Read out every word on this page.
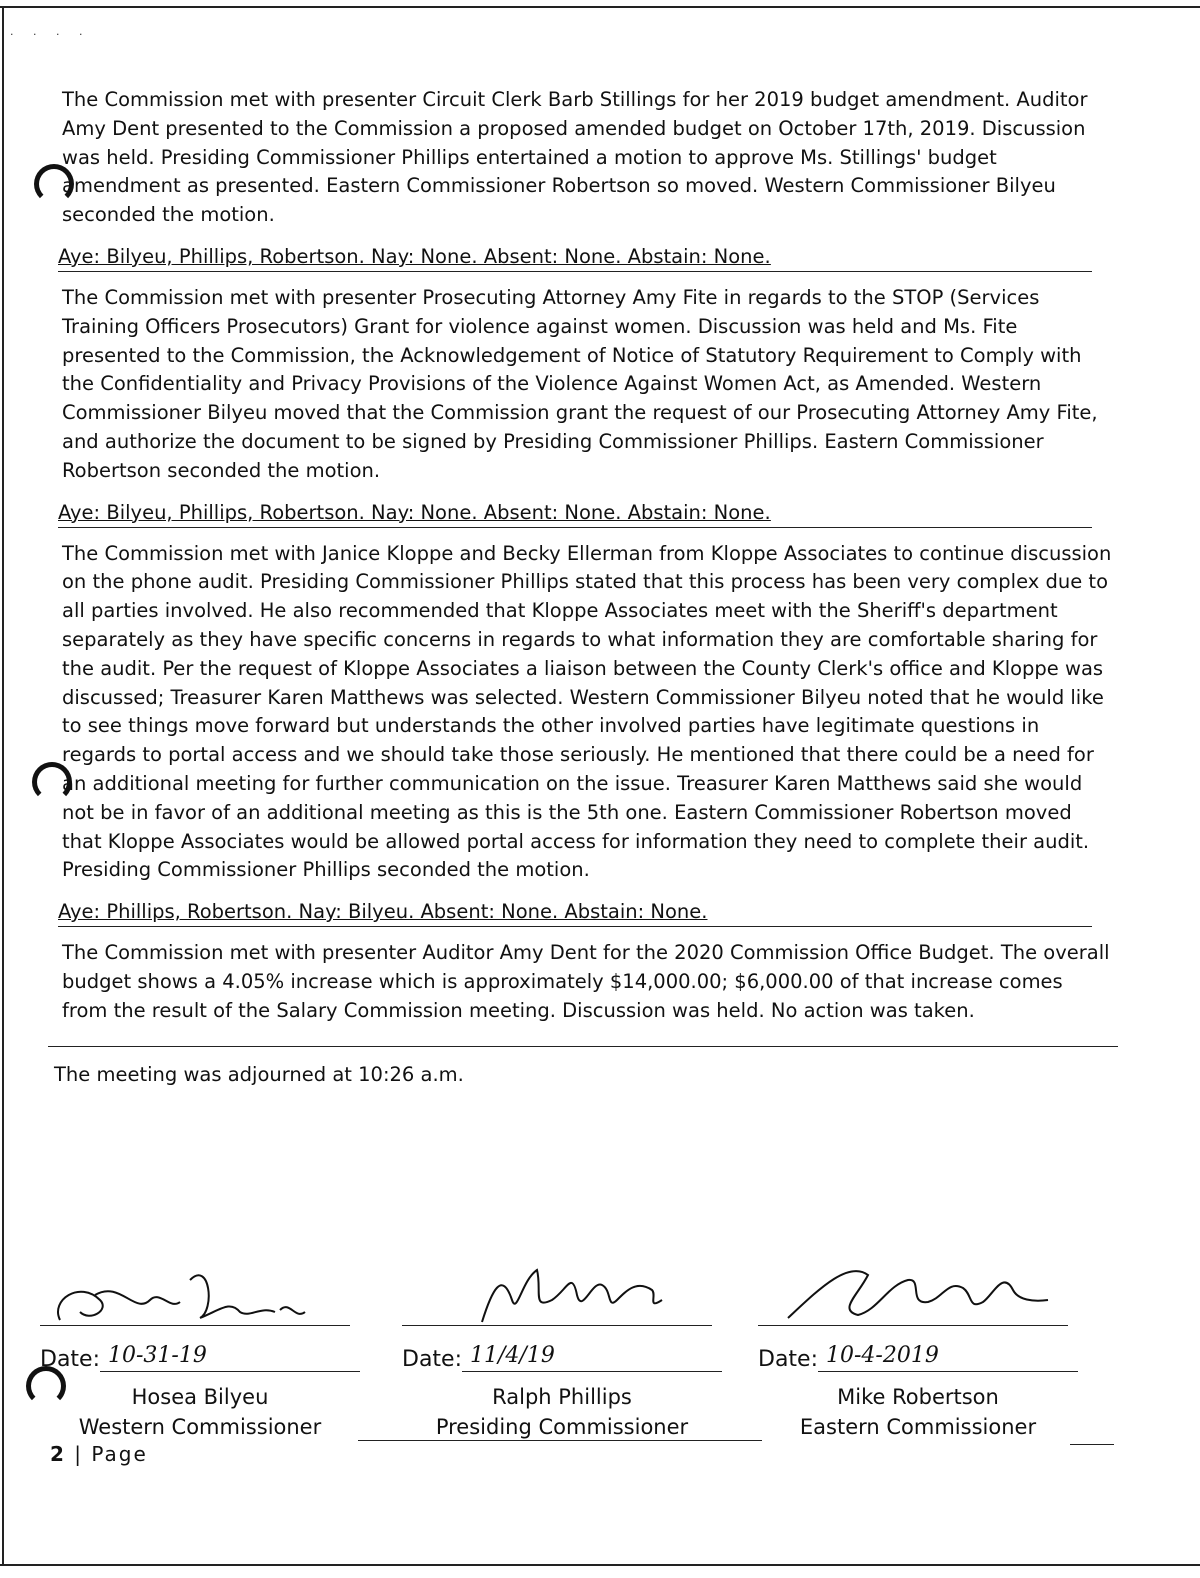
· · · ·

The Commission met with presenter Circuit Clerk Barb Stillings for her 2019 budget amendment. Auditor Amy Dent presented to the Commission a proposed amended budget on October 17th, 2019. Discussion was held. Presiding Commissioner Phillips entertained a motion to approve Ms. Stillings' budget amendment as presented. Eastern Commissioner Robertson so moved. Western Commissioner Bilyeu seconded the motion.

Aye: Bilyeu, Phillips, Robertson. Nay: None. Absent: None. Abstain: None.

The Commission met with presenter Prosecuting Attorney Amy Fite in regards to the STOP (Services Training Officers Prosecutors) Grant for violence against women. Discussion was held and Ms. Fite presented to the Commission, the Acknowledgement of Notice of Statutory Requirement to Comply with the Confidentiality and Privacy Provisions of the Violence Against Women Act, as Amended. Western Commissioner Bilyeu moved that the Commission grant the request of our Prosecuting Attorney Amy Fite, and authorize the document to be signed by Presiding Commissioner Phillips. Eastern Commissioner Robertson seconded the motion.

Aye: Bilyeu, Phillips, Robertson. Nay: None. Absent: None. Abstain: None.

The Commission met with Janice Kloppe and Becky Ellerman from Kloppe Associates to continue discussion on the phone audit. Presiding Commissioner Phillips stated that this process has been very complex due to all parties involved. He also recommended that Kloppe Associates meet with the Sheriff's department separately as they have specific concerns in regards to what information they are comfortable sharing for the audit. Per the request of Kloppe Associates a liaison between the County Clerk's office and Kloppe was discussed; Treasurer Karen Matthews was selected. Western Commissioner Bilyeu noted that he would like to see things move forward but understands the other involved parties have legitimate questions in regards to portal access and we should take those seriously. He mentioned that there could be a need for an additional meeting for further communication on the issue. Treasurer Karen Matthews said she would not be in favor of an additional meeting as this is the 5th one. Eastern Commissioner Robertson moved that Kloppe Associates would be allowed portal access for information they need to complete their audit. Presiding Commissioner Phillips seconded the motion.

Aye: Phillips, Robertson. Nay: Bilyeu. Absent: None. Abstain: None.

The Commission met with presenter Auditor Amy Dent for the 2020 Commission Office Budget. The overall budget shows a 4.05% increase which is approximately $14,000.00; $6,000.00 of that increase comes from the result of the Salary Commission meeting. Discussion was held. No action was taken.

The meeting was adjourned at 10:26 a.m.
Date: 10-31-19
Hosea Bilyeu
Western Commissioner
Date: 11/4/19
Ralph Phillips
Presiding Commissioner
Date: 10-4-2019
Mike Robertson
Eastern Commissioner
2 | Page
